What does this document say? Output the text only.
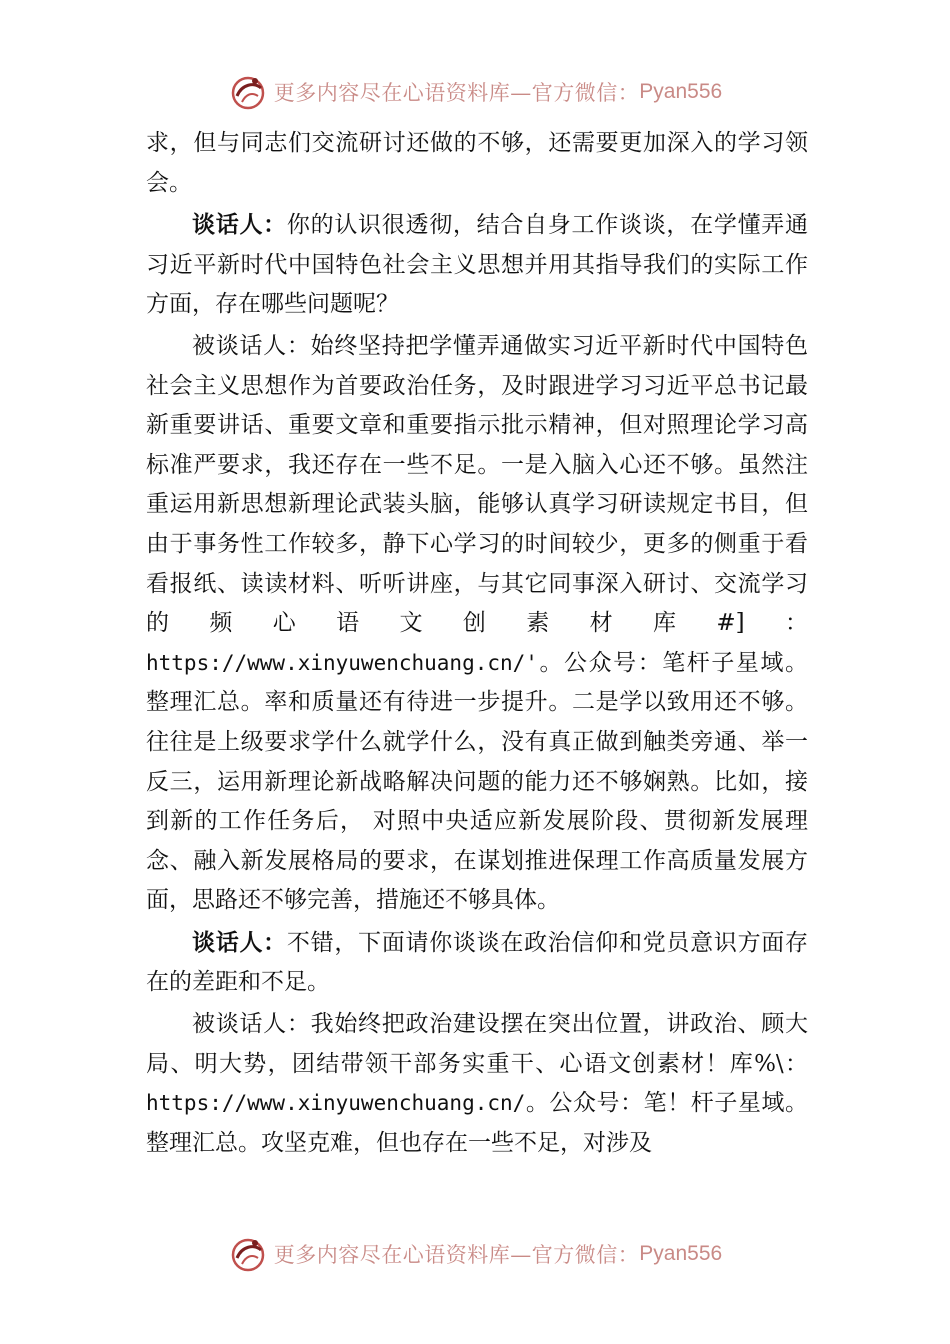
更多内容尽在心语资料库—官方微信： Pyan556

求，但与同志们交流研讨还做的不够，还需要更加深入的学习领会。

谈话人：你的认识很透彻，结合自身工作谈谈，在学懂弄通习近平新时代中国特色社会主义思想并用其指导我们的实际工作方面，存在哪些问题呢？

被谈话人：始终坚持把学懂弄通做实习近平新时代中国特色社会主义思想作为首要政治任务，及时跟进学习习近平总书记最新重要讲话、重要文章和重要指示批示精神，但对照理论学习高标准严要求，我还存在一些不足。一是入脑入心还不够。虽然注重运用新思想新理论武装头脑，能够认真学习研读规定书目，但由于事务性工作较多，静下心学习的时间较少，更多的侧重于看看报纸、读读材料、听听讲座，与其它同事深入研讨、交流学习的频心语文创素材库#]：https://www.xinyuwenchuang.cn/'。公众号：笔杆子星域。整理汇总。率和质量还有待进一步提升。二是学以致用还不够。往往是上级要求学什么就学什么，没有真正做到触类旁通、举一反三，运用新理论新战略解决问题的能力还不够娴熟。比如，接到新的工作任务后， 对照中央适应新发展阶段、贯彻新发展理念、融入新发展格局的要求，在谋划推进保理工作高质量发展方面，思路还不够完善，措施还不够具体。

谈话人：不错，下面请你谈谈在政治信仰和党员意识方面存在的差距和不足。

被谈话人：我始终把政治建设摆在突出位置，讲政治、顾大局、明大势，团结带领干部务实重干、心语文创素材！库%\：https://www.xinyuwenchuang.cn/。公众号：笔！杆子星域。整理汇总。攻坚克难，但也存在一些不足，对涉及

更多内容尽在心语资料库—官方微信： Pyan556
